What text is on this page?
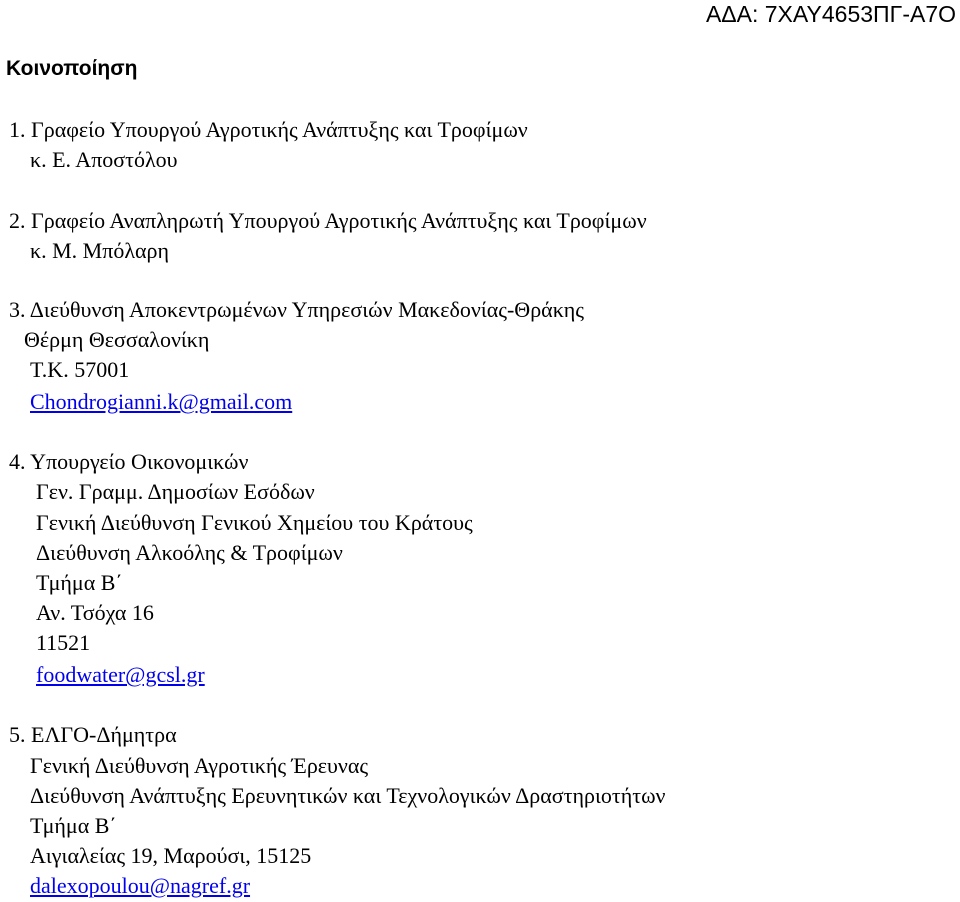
ΑΔΑ: 7ΧΑΥ4653ΠΓ-Α7Ο
Κοινοποίηση
1. Γραφείο Υπουργού Αγροτικής Ανάπτυξης και Τροφίμων
κ. Ε. Αποστόλου
2. Γραφείο Αναπληρωτή Υπουργού Αγροτικής Ανάπτυξης και Τροφίμων
κ. Μ. Μπόλαρη
3. Διεύθυνση Αποκεντρωμένων Υπηρεσιών Μακεδονίας-Θράκης
Θέρμη Θεσσαλονίκη
Τ.Κ. 57001
Chondrogianni.k@gmail.com
4. Υπουργείο Οικονομικών
Γεν. Γραμμ. Δημοσίων Εσόδων
Γενική Διεύθυνση Γενικού Χημείου του Κράτους
Διεύθυνση Αλκοόλης & Τροφίμων
Τμήμα Β΄
Αν. Τσόχα 16
11521
foodwater@gcsl.gr
5. ΕΛΓΟ-Δήμητρα
Γενική Διεύθυνση Αγροτικής Έρευνας
Διεύθυνση Ανάπτυξης Ερευνητικών και Τεχνολογικών Δραστηριοτήτων
Τμήμα Β΄
Αιγιαλείας 19, Μαρούσι, 15125
dalexopoulou@nagref.gr
